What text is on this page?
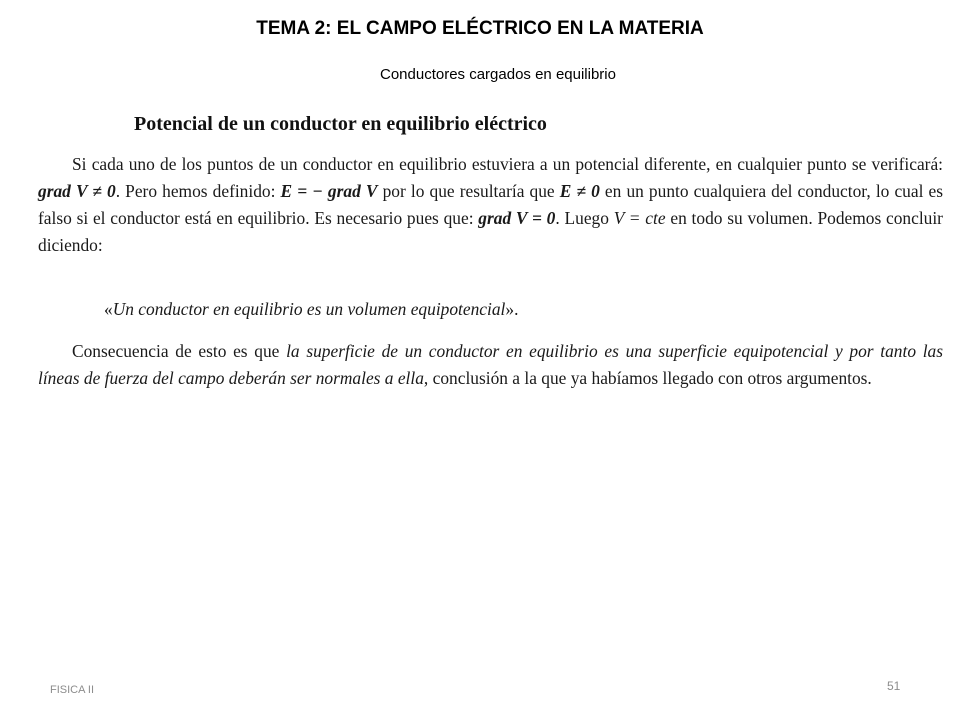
TEMA 2: EL CAMPO ELÉCTRICO EN LA MATERIA
Conductores cargados en equilibrio
Potencial de un conductor en equilibrio eléctrico
Si cada uno de los puntos de un conductor en equilibrio estuviera a un potencial diferente, en cualquier punto se verificará: grad V ≠ 0. Pero hemos definido: E = − grad V por lo que resultaría que E ≠ 0 en un punto cualquiera del conductor, lo cual es falso si el conductor está en equilibrio. Es necesario pues que: grad V = 0. Luego V = cte en todo su volumen. Podemos concluir diciendo:
«Un conductor en equilibrio es un volumen equipotencial».
Consecuencia de esto es que la superficie de un conductor en equilibrio es una superficie equipotencial y por tanto las líneas de fuerza del campo deberán ser normales a ella, conclusión a la que ya habíamos llegado con otros argumentos.
FISICA II	51
